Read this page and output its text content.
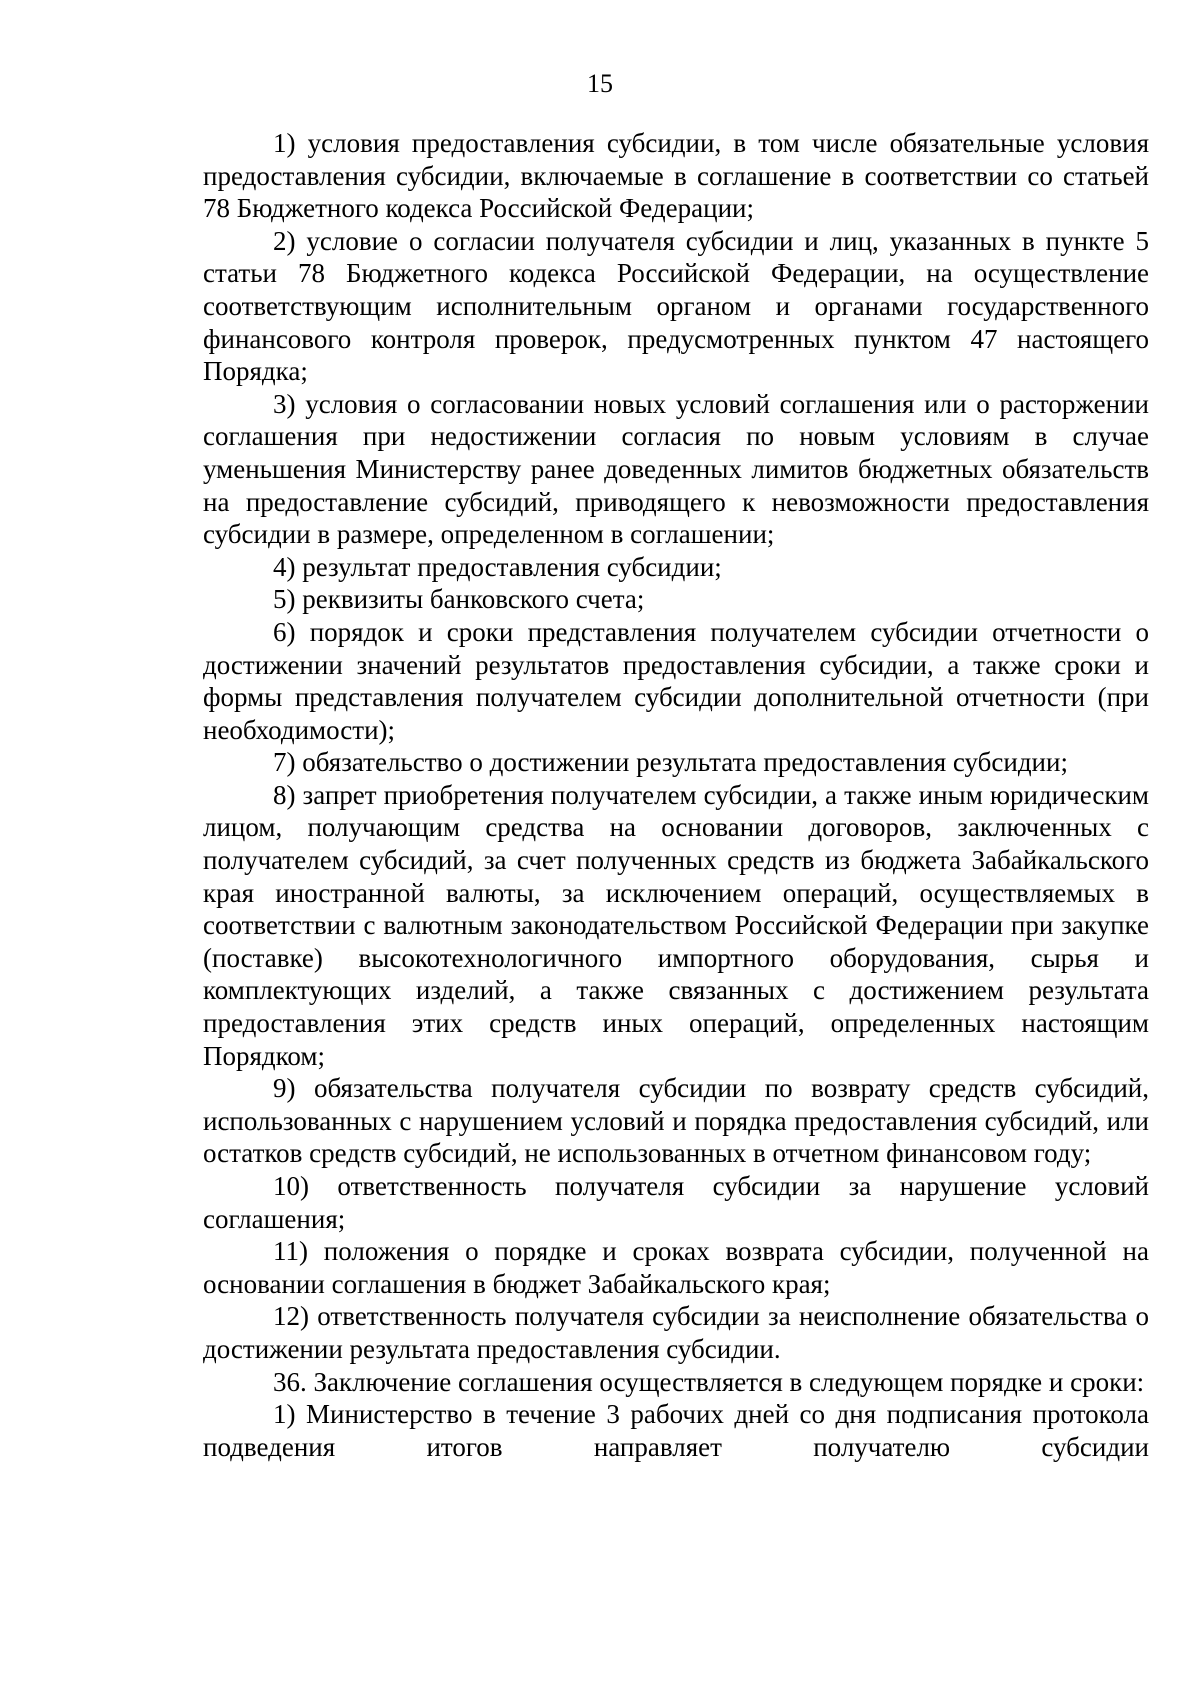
15

1) условия предоставления субсидии, в том числе обязательные условия предоставления субсидии, включаемые в соглашение в соответствии со статьей 78 Бюджетного кодекса Российской Федерации;

2) условие о согласии получателя субсидии и лиц, указанных в пункте 5 статьи 78 Бюджетного кодекса Российской Федерации, на осуществление соответствующим исполнительным органом и органами государственного финансового контроля проверок, предусмотренных пунктом 47 настоящего Порядка;

3) условия о согласовании новых условий соглашения или о расторжении соглашения при недостижении согласия по новым условиям в случае уменьшения Министерству ранее доведенных лимитов бюджетных обязательств на предоставление субсидий, приводящего к невозможности предоставления субсидии в размере, определенном в соглашении;

4) результат предоставления субсидии;

5) реквизиты банковского счета;

6) порядок и сроки представления получателем субсидии отчетности о достижении значений результатов предоставления субсидии, а также сроки и формы представления получателем субсидии дополнительной отчетности (при необходимости);

7) обязательство о достижении результата предоставления субсидии;

8) запрет приобретения получателем субсидии, а также иным юридическим лицом, получающим средства на основании договоров, заключенных с получателем субсидий, за счет полученных средств из бюджета Забайкальского края иностранной валюты, за исключением операций, осуществляемых в соответствии с валютным законодательством Российской Федерации при закупке (поставке) высокотехнологичного импортного оборудования, сырья и комплектующих изделий, а также связанных с достижением результата предоставления этих средств иных операций, определенных настоящим Порядком;

9) обязательства получателя субсидии по возврату средств субсидий, использованных с нарушением условий и порядка предоставления субсидий, или остатков средств субсидий, не использованных в отчетном финансовом году;

10) ответственность получателя субсидии за нарушение условий соглашения;

11) положения о порядке и сроках возврата субсидии, полученной на основании соглашения в бюджет Забайкальского края;

12) ответственность получателя субсидии за неисполнение обязательства о достижении результата предоставления субсидии.

36. Заключение соглашения осуществляется в следующем порядке и сроки:

1) Министерство в течение 3 рабочих дней со дня подписания протокола подведения итогов направляет получателю субсидии
